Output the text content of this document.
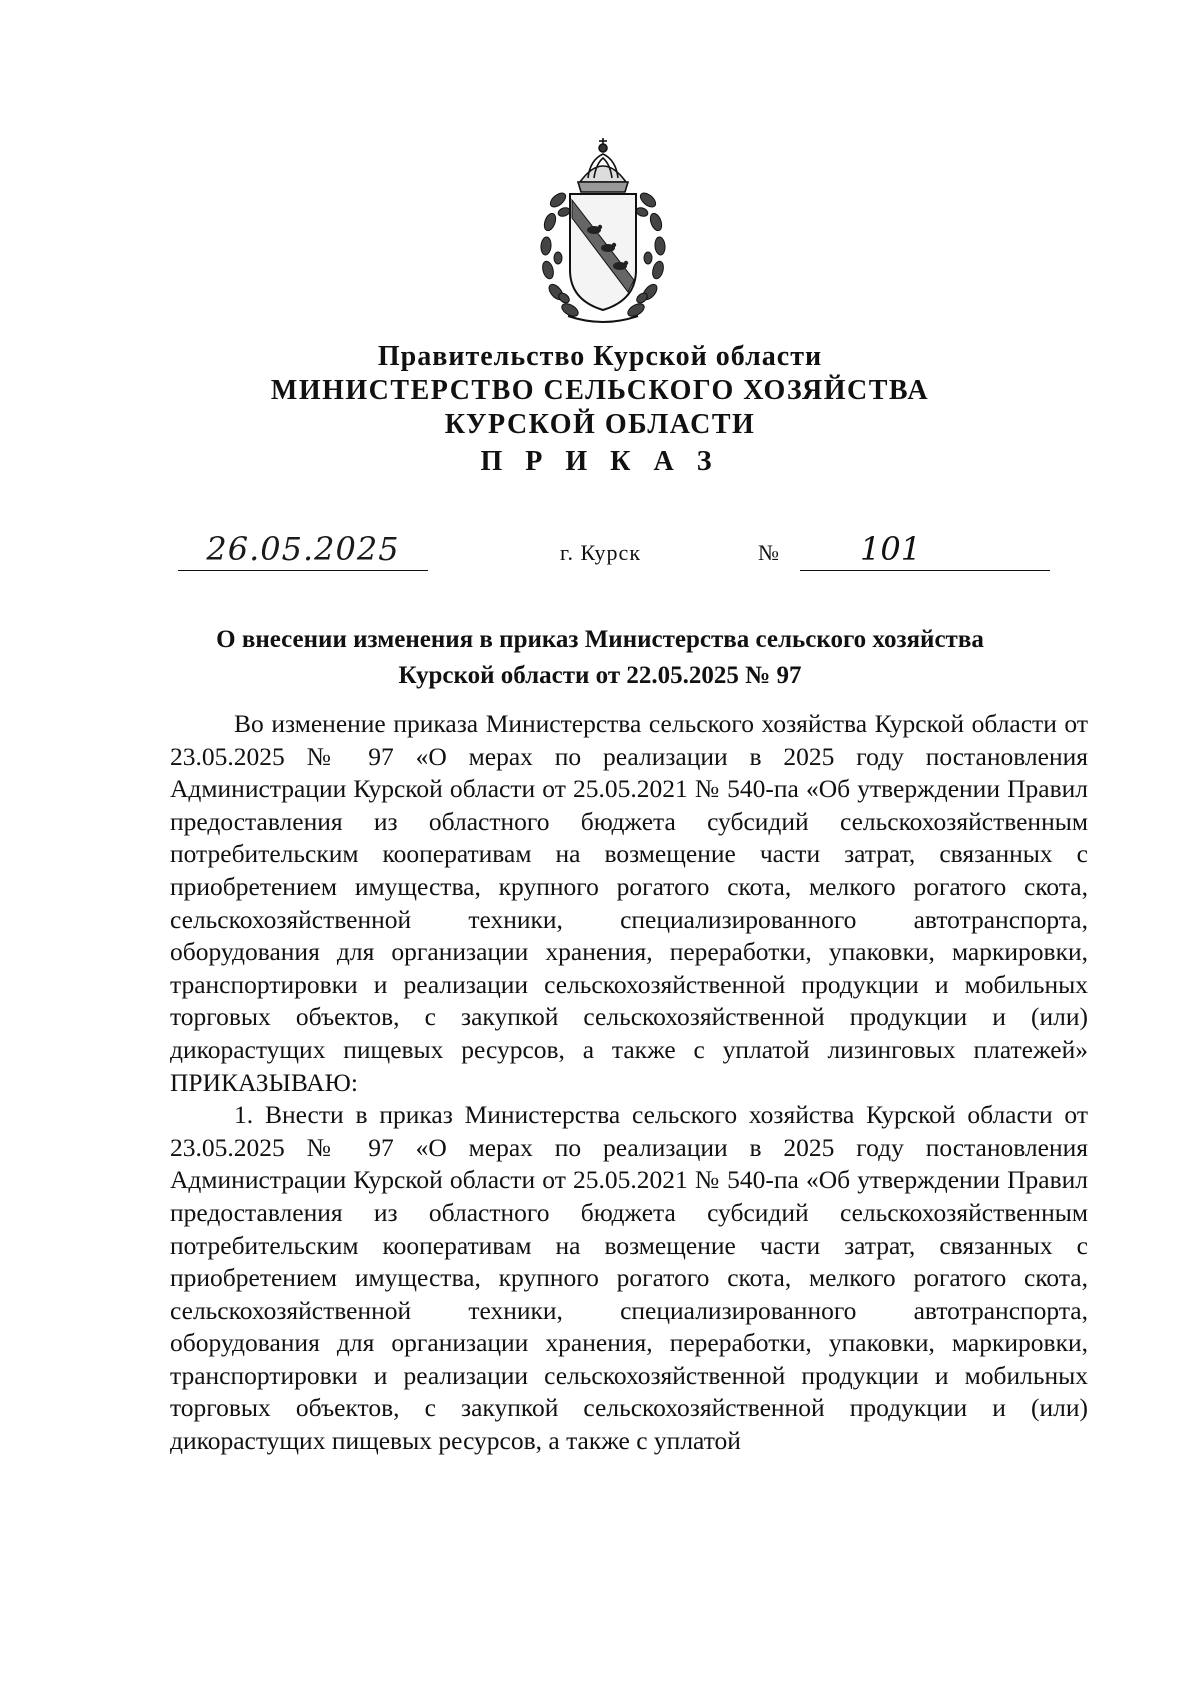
Правительство Курской области
МИНИСТЕРСТВО СЕЛЬСКОГО ХОЗЯЙСТВА
КУРСКОЙ ОБЛАСТИ
П Р И К А З
26.05.2025	г. Курск	№	101
О внесении изменения в приказ Министерства сельского хозяйства
Курской области от 22.05.2025 № 97

Во изменение приказа Министерства сельского хозяйства Курской области от 23.05.2025 № 97 «О мерах по реализации в 2025 году постановления Администрации Курской области от 25.05.2021 № 540-па «Об утверждении Правил предоставления из областного бюджета субсидий сельскохозяйственным потребительским кооперативам на возмещение части затрат, связанных с приобретением имущества, крупного рогатого скота, мелкого рогатого скота, сельскохозяйственной техники, специализированного автотранспорта, оборудования для организации хранения, переработки, упаковки, маркировки, транспортировки и реализации сельскохозяйственной продукции и мобильных торговых объектов, с закупкой сельскохозяйственной продукции и (или) дикорастущих пищевых ресурсов, а также с уплатой лизинговых платежей» ПРИКАЗЫВАЮ:

1. Внести в приказ Министерства сельского хозяйства Курской области от 23.05.2025 № 97 «О мерах по реализации в 2025 году постановления Администрации Курской области от 25.05.2021 № 540-па «Об утверждении Правил предоставления из областного бюджета субсидий сельскохозяйственным потребительским кооперативам на возмещение части затрат, связанных с приобретением имущества, крупного рогатого скота, мелкого рогатого скота, сельскохозяйственной техники, специализированного автотранспорта, оборудования для организации хранения, переработки, упаковки, маркировки, транспортировки и реализации сельскохозяйственной продукции и мобильных торговых объектов, с закупкой сельскохозяйственной продукции и (или) дикорастущих пищевых ресурсов, а также с уплатой
